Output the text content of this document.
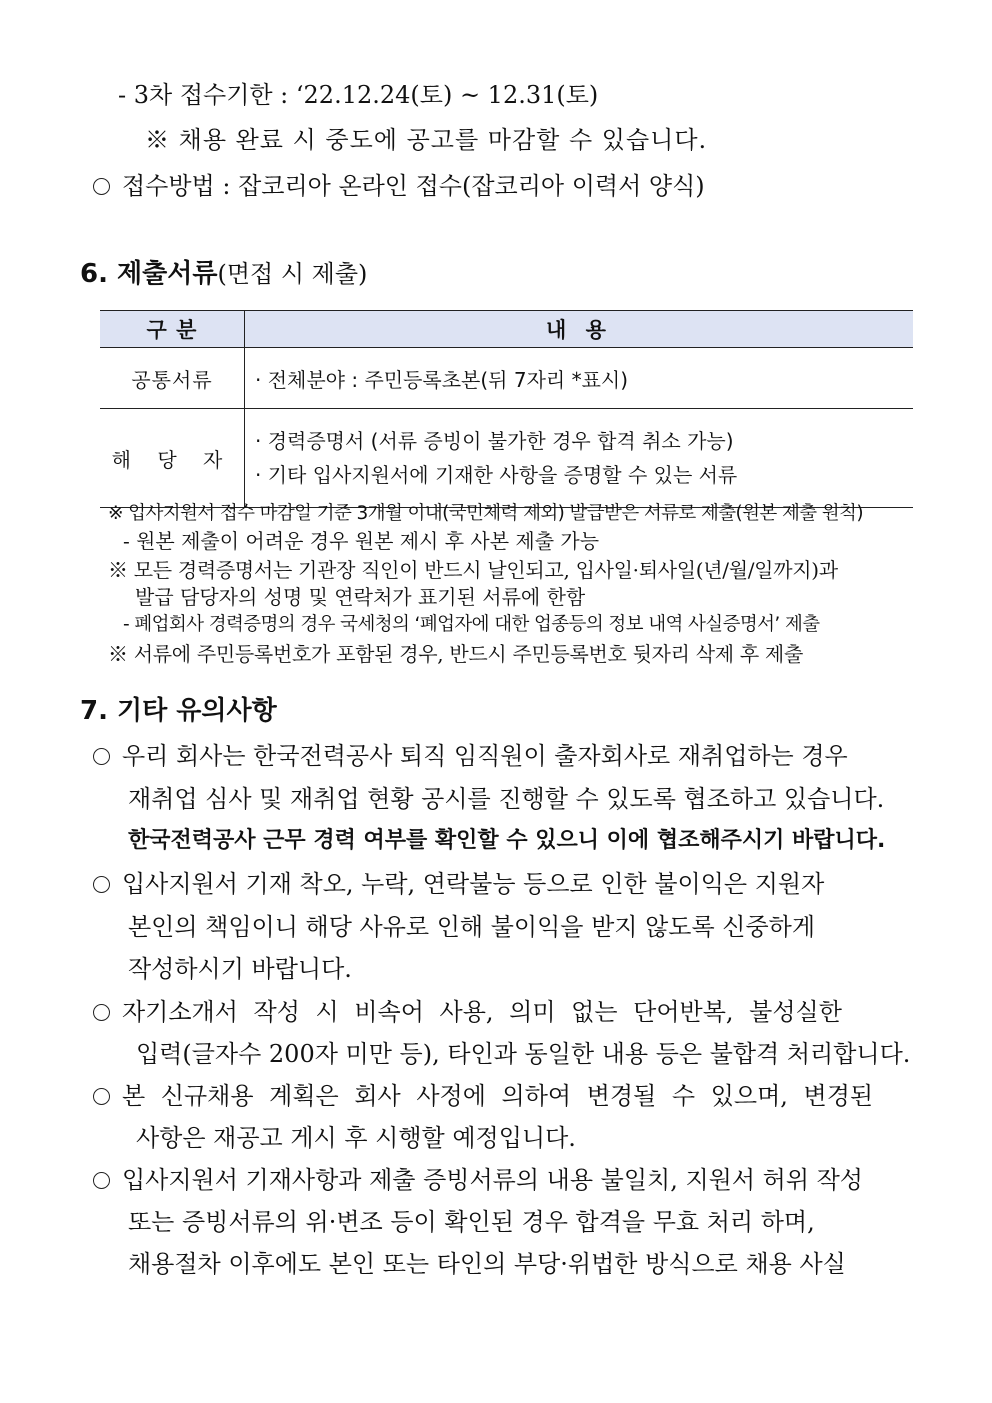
- 3차 접수기한 : ‘22.12.24(토) ~ 12.31(토)
※ 채용 완료 시 중도에 공고를 마감할 수 있습니다.
접수방법 : 잡코리아 온라인 접수(잡코리아 이력서 양식)
6. 제출서류(면접 시 제출)
구 분	내 용
공통서류	· 전체분야 : 주민등록초본(뒤 7자리 *표시)

해 당 자	· 경력증명서 (서류 증빙이 불가한 경우 합격 취소 가능)
· 기타 입사지원서에 기재한 사항을 증명할 수 있는 서류
※ 입사지원서 접수 마감일 기준 3개월 이내(국민체력 제외) 발급받은 서류로 제출(원본 제출 원칙)
- 원본 제출이 어려운 경우 원본 제시 후 사본 제출 가능
※ 모든 경력증명서는 기관장 직인이 반드시 날인되고, 입사일·퇴사일(년/월/일까지)과
발급 담당자의 성명 및 연락처가 표기된 서류에 한함
- 폐업회사 경력증명의 경우 국세청의 ‘폐업자에 대한 업종등의 정보 내역 사실증명서’ 제출
※ 서류에 주민등록번호가 포함된 경우, 반드시 주민등록번호 뒷자리 삭제 후 제출
7. 기타 유의사항
우리 회사는 한국전력공사 퇴직 임직원이 출자회사로 재취업하는 경우
재취업 심사 및 재취업 현황 공시를 진행할 수 있도록 협조하고 있습니다.
한국전력공사 근무 경력 여부를 확인할 수 있으니 이에 협조해주시기 바랍니다.
입사지원서 기재 착오, 누락, 연락불능 등으로 인한 불이익은 지원자
본인의 책임이니 해당 사유로 인해 불이익을 받지 않도록 신중하게
작성하시기 바랍니다.
자기소개서 작성 시 비속어 사용, 의미 없는 단어반복, 불성실한
입력(글자수 200자 미만 등), 타인과 동일한 내용 등은 불합격 처리합니다.
본 신규채용 계획은 회사 사정에 의하여 변경될 수 있으며, 변경된
사항은 재공고 게시 후 시행할 예정입니다.
입사지원서 기재사항과 제출 증빙서류의 내용 불일치, 지원서 허위 작성
또는 증빙서류의 위·변조 등이 확인된 경우 합격을 무효 처리 하며,
채용절차 이후에도 본인 또는 타인의 부당·위법한 방식으로 채용 사실
